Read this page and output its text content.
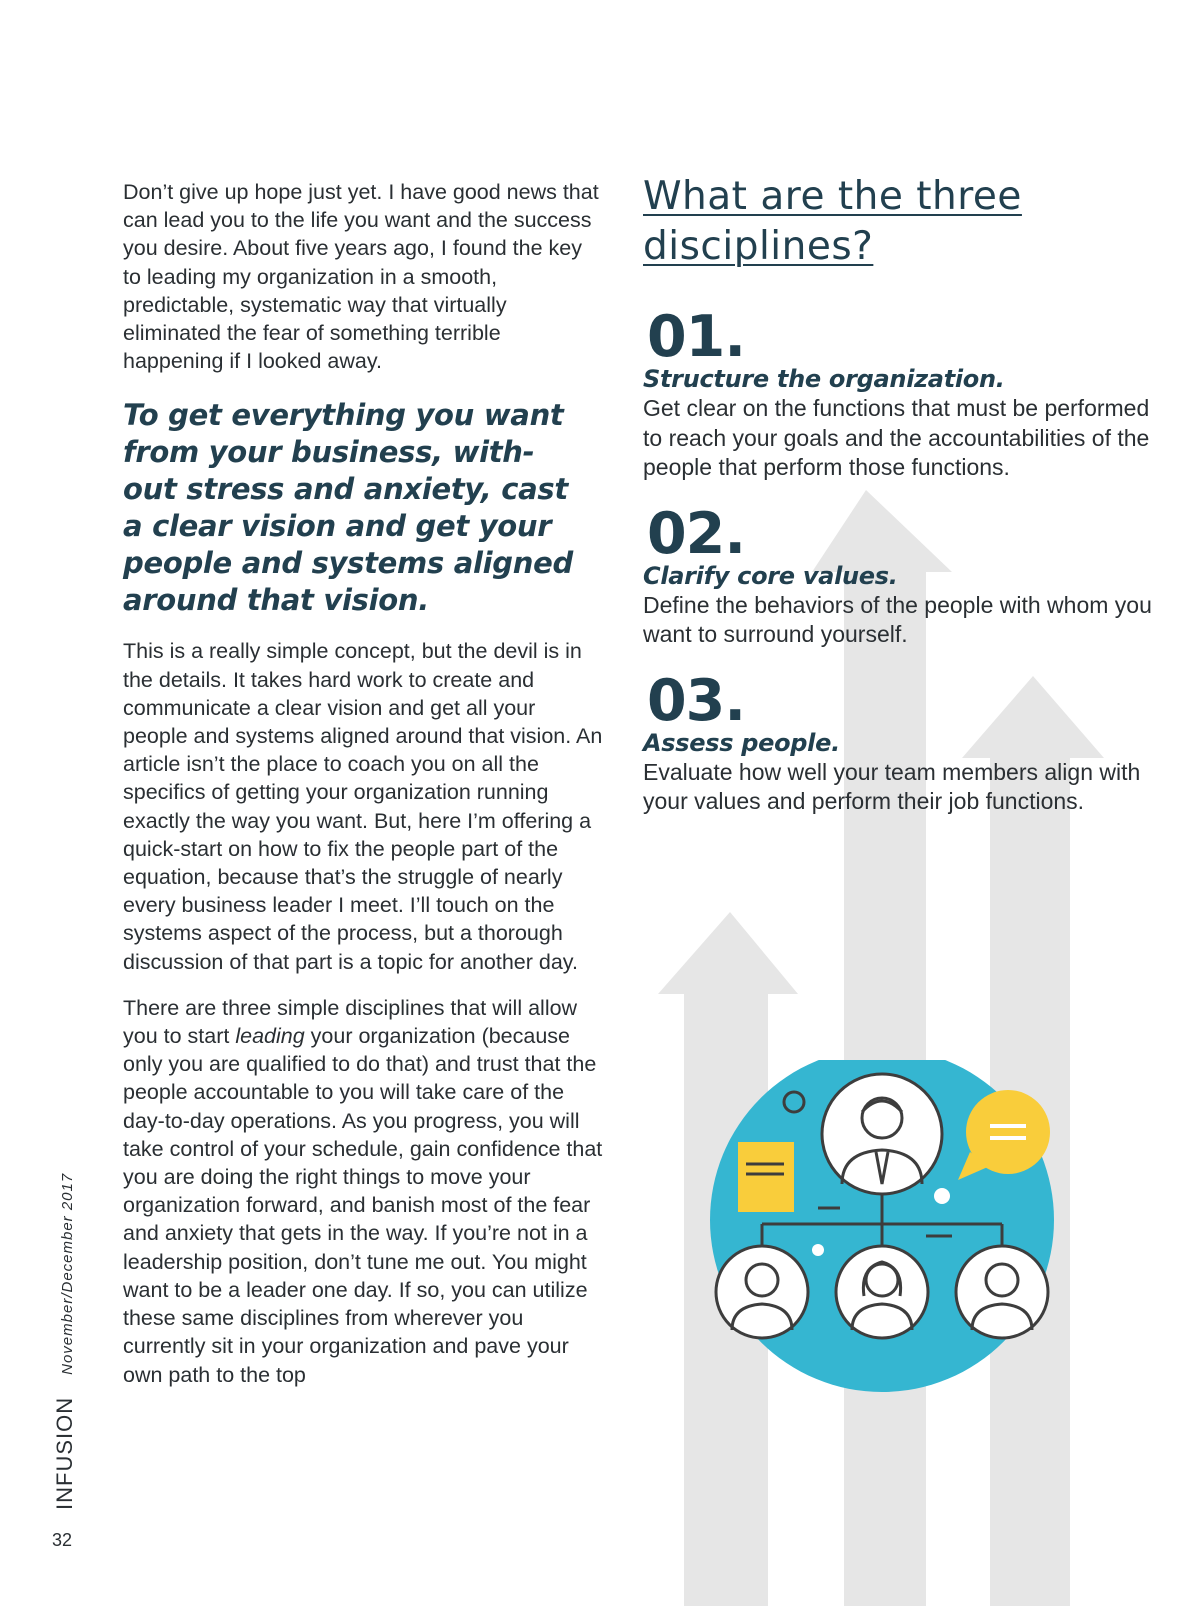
Don’t give up hope just yet. I have good news that can lead you to the life you want and the success you desire. About five years ago, I found the key to leading my organization in a smooth, predictable, systematic way that virtually eliminated the fear of something terrible happening if I looked away.

To get everything you want
from your business, with-
out stress and anxiety, cast
a clear vision and get your
people and systems aligned
around that vision.

This is a really simple concept, but the devil is in the details. It takes hard work to create and communicate a clear vision and get all your people and systems aligned around that vision. An article isn’t the place to coach you on all the specifics of getting your organization running exactly the way you want. But, here I’m offering a quick-start on how to fix the people part of the equation, because that’s the struggle of nearly every business leader I meet. I’ll touch on the systems aspect of the process, but a thorough discussion of that part is a topic for another day.

There are three simple disciplines that will allow you to start leading your organization (because only you are qualified to do that) and trust that the people accountable to you will take care of the day-to-day operations. As you progress, you will take control of your schedule, gain confidence that you are doing the right things to move your organization forward, and banish most of the fear and anxiety that gets in the way. If you’re not in a leadership position, don’t tune me out. You might want to be a leader one day. If so, you can utilize these same disciplines from wherever you currently sit in your organization and pave your own path to the top

What are the three disciplines?
01.
Structure the organization.
Get clear on the functions that must be performed to reach your goals and the accountabilities of the people that perform those functions.
02.
Clarify core values.
Define the behaviors of the people with whom you want to surround yourself.
03.
Assess people.
Evaluate how well your team members align with your values and perform their job functions.
INFUSION
November/December 2017
32
